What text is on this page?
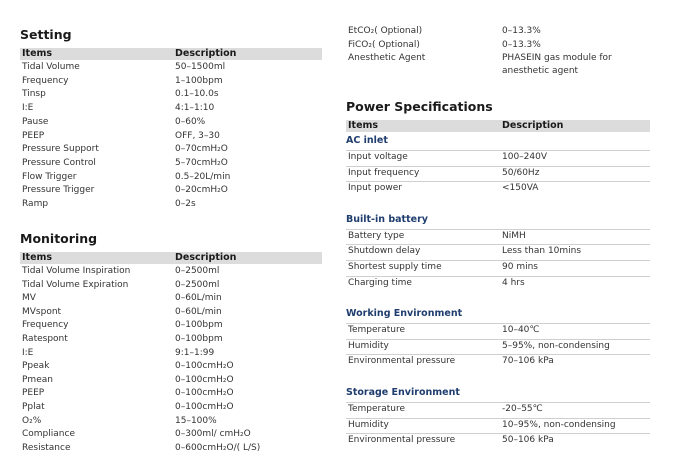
Setting
Items	Description
Tidal Volume	50–1500ml
Frequency	1–100bpm
Tinsp	0.1–10.0s
I:E	4:1–1:10
Pause	0–60%
PEEP	OFF, 3–30
Pressure Support	0–70cmH₂O
Pressure Control	5–70cmH₂O
Flow Trigger	0.5–20L/min
Pressure Trigger	0–20cmH₂O
Ramp	0–2s
Monitoring
Items	Description
Tidal Volume Inspiration	0–2500ml
Tidal Volume Expiration	0–2500ml
MV	0–60L/min
MVspont	0–60L/min
Frequency	0–100bpm
Ratespont	0–100bpm
I:E	9:1–1:99
Ppeak	0–100cmH₂O
Pmean	0–100cmH₂O
PEEP	0–100cmH₂O
Pplat	0–100cmH₂O
O₂%	15–100%
Compliance	0–300ml/ cmH₂O
Resistance	0–600cmH₂O/( L/S)
EtCO₂( Optional)	0–13.3%
FiCO₂( Optional)	0–13.3%
Anesthetic Agent	PHASEIN gas module for
anesthetic agent
Power Specifications
Items	Description
AC inlet
Input voltage	100–240V
Input frequency	50/60Hz
Input power	<150VA
Built-in battery
Battery type	NiMH
Shutdown delay	Less than 10mins
Shortest supply time	90 mins
Charging time	4 hrs
Working Environment
Temperature	10–40℃
Humidity	5–95%, non-condensing
Environmental pressure	70–106 kPa
Storage Environment
Temperature	-20–55℃
Humidity	10–95%, non-condensing
Environmental pressure	50–106 kPa
